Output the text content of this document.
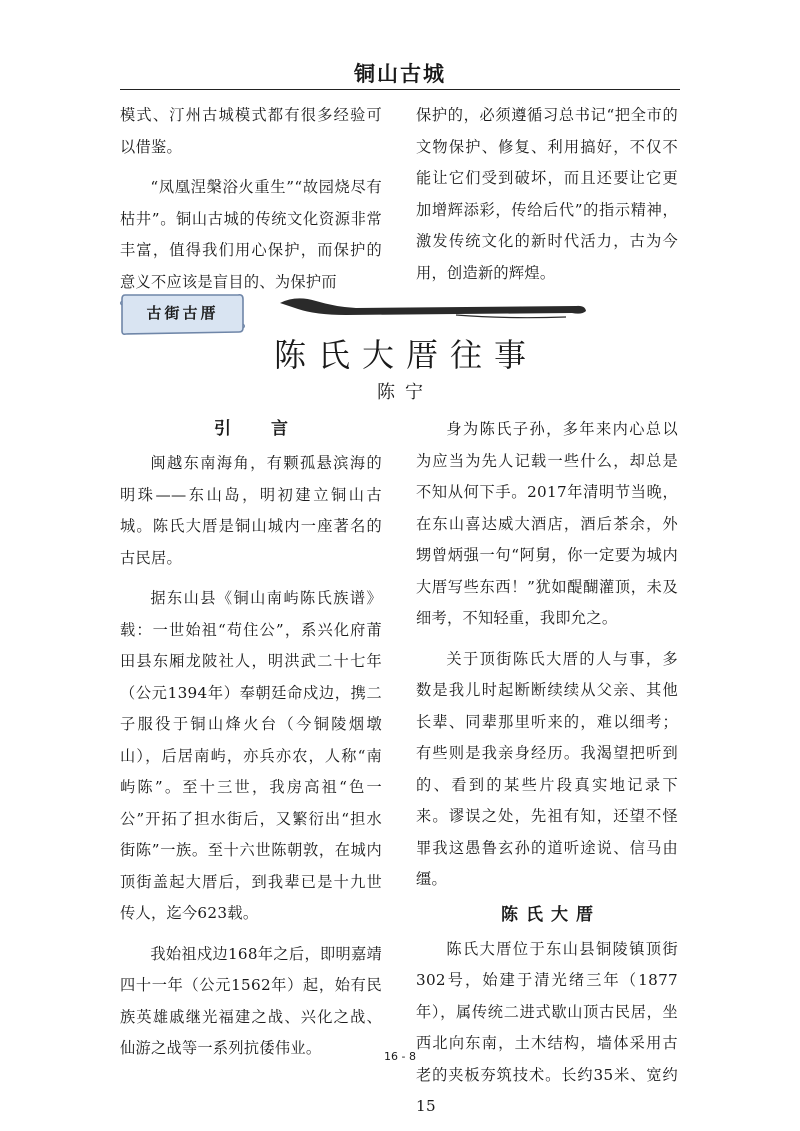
铜山古城

模式、汀州古城模式都有很多经验可以借鉴。

“凤凰涅槃浴火重生”“故园烧尽有枯井”。铜山古城的传统文化资源非常丰富，值得我们用心保护，而保护的意义不应该是盲目的、为保护而

保护的，必须遵循习总书记“把全市的文物保护、修复、利用搞好，不仅不能让它们受到破坏，而且还要让它更加增辉添彩，传给后代”的指示精神，激发传统文化的新时代活力，古为今用，创造新的辉煌。

古街古厝
陈氏大厝往事
陈宁
引言

闽越东南海角，有颗孤悬滨海的明珠——东山岛，明初建立铜山古城。陈氏大厝是铜山城内一座著名的古民居。

据东山县《铜山南屿陈氏族谱》载：一世始祖“苟住公”，系兴化府莆田县东厢龙陂社人，明洪武二十七年（公元1394年）奉朝廷命戍边，携二子服役于铜山烽火台（今铜陵烟墩山），后居南屿，亦兵亦农，人称“南屿陈”。至十三世，我房高祖“色一公”开拓了担水街后，又繁衍出“担水街陈”一族。至十六世陈朝敦，在城内顶街盖起大厝后，到我辈已是十九世传人，迄今623载。

我始祖戍边168年之后，即明嘉靖四十一年（公元1562年）起，始有民族英雄戚继光福建之战、兴化之战、仙游之战等一系列抗倭伟业。

身为陈氏子孙，多年来内心总以为应当为先人记载一些什么，却总是不知从何下手。2017年清明节当晚，在东山喜达威大酒店，酒后茶余，外甥曾炳强一句“阿舅，你一定要为城内大厝写些东西！”犹如醍醐灌顶，未及细考，不知轻重，我即允之。

关于顶街陈氏大厝的人与事，多数是我儿时起断断续续从父亲、其他长辈、同辈那里听来的，难以细考；有些则是我亲身经历。我渴望把听到的、看到的某些片段真实地记录下来。谬误之处，先祖有知，还望不怪罪我这愚鲁玄孙的道听途说、信马由缰。

陈氏大厝

陈氏大厝位于东山县铜陵镇顶街302号，始建于清光绪三年（1877年），属传统二进式歇山顶古民居，坐西北向东南，土木结构，墙体采用古老的夹板夯筑技术。长约35米、宽约15

16 - 8
